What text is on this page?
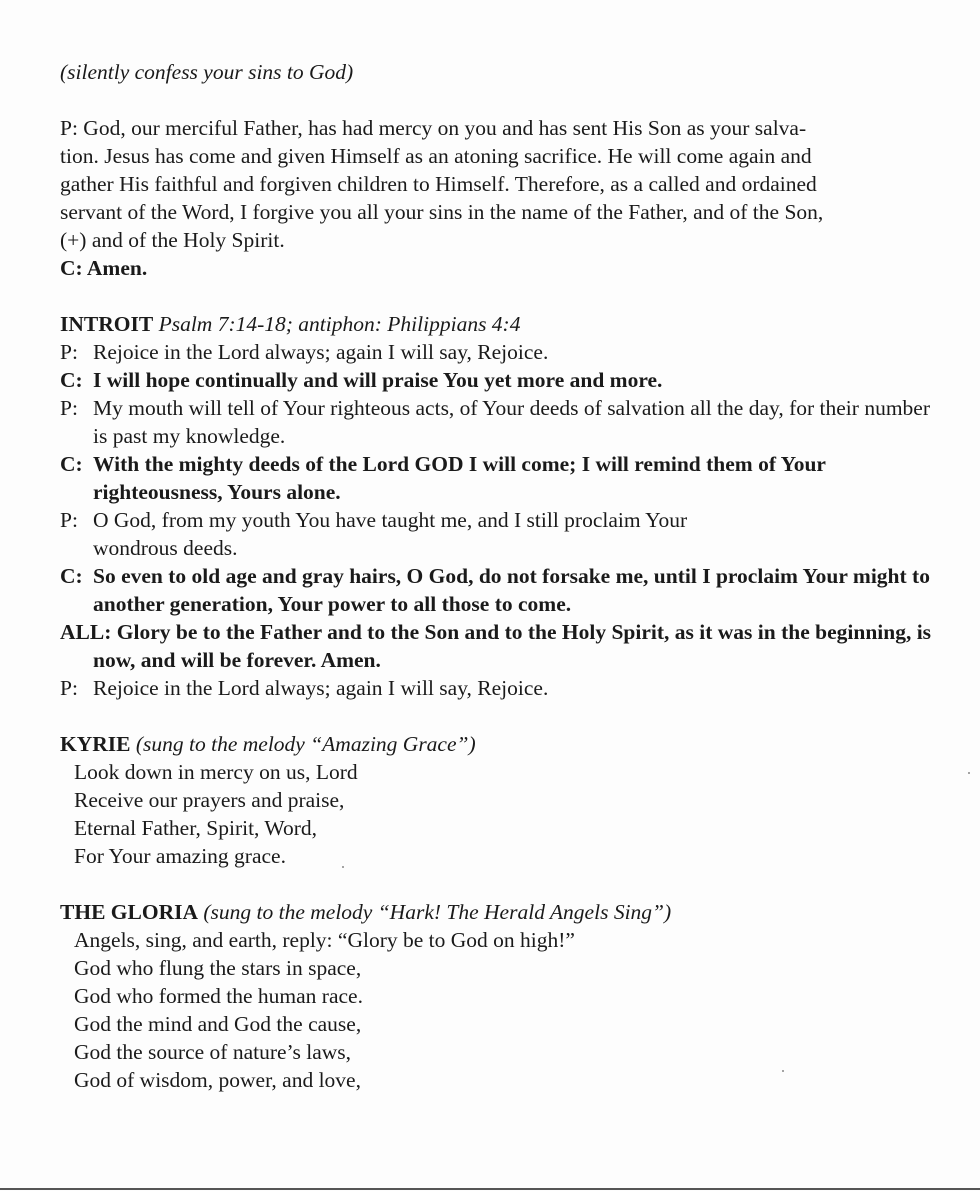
(silently confess your sins to God)
P: God, our merciful Father, has had mercy on you and has sent His Son as your salva-
tion. Jesus has come and given Himself as an atoning sacrifice. He will come again and
gather His faithful and forgiven children to Himself. Therefore, as a called and ordained
servant of the Word, I forgive you all your sins in the name of the Father, and of the Son,
(+) and of the Holy Spirit.
C: Amen.
INTROIT Psalm 7:14-18; antiphon: Philippians 4:4
P: Rejoice in the Lord always; again I will say, Rejoice.
C: I will hope continually and will praise You yet more and more.
P: My mouth will tell of Your righteous acts, of Your deeds of salvation all the day, for their number is past my knowledge.
C: With the mighty deeds of the Lord GOD I will come; I will remind them of Your righteousness, Yours alone.
P: O God, from my youth You have taught me, and I still proclaim Your wondrous deeds.
C: So even to old age and gray hairs, O God, do not forsake me, until I proclaim Your might to another generation, Your power to all those to come.
ALL: Glory be to the Father and to the Son and to the Holy Spirit, as it was in the beginning, is now, and will be forever. Amen.
P: Rejoice in the Lord always; again I will say, Rejoice.
KYRIE (sung to the melody “Amazing Grace”)
Look down in mercy on us, Lord
Receive our prayers and praise,
Eternal Father, Spirit, Word,
For Your amazing grace.
THE GLORIA (sung to the melody “Hark! The Herald Angels Sing”)
Angels, sing, and earth, reply: “Glory be to God on high!”
God who flung the stars in space,
God who formed the human race.
God the mind and God the cause,
God the source of nature’s laws,
God of wisdom, power, and love,
